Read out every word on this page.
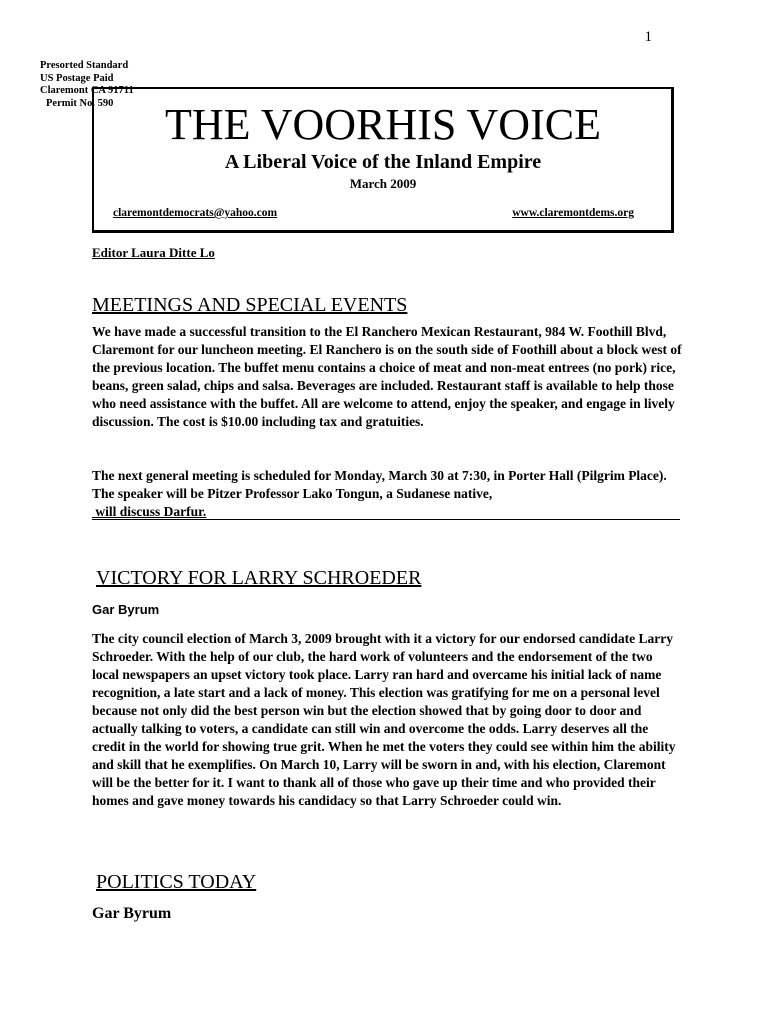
1
Presorted Standard
US Postage Paid
Claremont CA 91711
Permit No. 590	THE VOORHIS VOICE
A Liberal Voice of the Inland Empire
March 2009
claremontdemocrats@yahoo.com	www.claremontdems.org
Editor Laura Ditte Lo
MEETINGS AND SPECIAL EVENTS
We have made a successful transition to the El Ranchero Mexican Restaurant, 984 W. Foothill Blvd, Claremont for our luncheon meeting. El Ranchero is on the south side of Foothill about a block west of the previous location. The buffet menu contains a choice of meat and non-meat entrees (no pork) rice, beans, green salad, chips and salsa. Beverages are included. Restaurant staff is available to help those who need assistance with the buffet. All are welcome to attend, enjoy the speaker, and engage in lively discussion. The cost is $10.00 including tax and gratuities.
The next general meeting is scheduled for Monday, March 30 at 7:30, in Porter Hall (Pilgrim Place). The speaker will be Pitzer Professor Lako Tongun, a Sudanese native,
will discuss Darfur.
VICTORY FOR LARRY SCHROEDER
Gar Byrum
The city council election of March 3, 2009 brought with it a victory for our endorsed candidate Larry Schroeder. With the help of our club, the hard work of volunteers and the endorsement of the two local newspapers an upset victory took place. Larry ran hard and overcame his initial lack of name recognition, a late start and a lack of money. This election was gratifying for me on a personal level because not only did the best person win but the election showed that by going door to door and actually talking to voters, a candidate can still win and overcome the odds. Larry deserves all the credit in the world for showing true grit. When he met the voters they could see within him the ability and skill that he exemplifies. On March 10, Larry will be sworn in and, with his election, Claremont will be the better for it. I want to thank all of those who gave up their time and who provided their homes and gave money towards his candidacy so that Larry Schroeder could win.
POLITICS TODAY
Gar Byrum
